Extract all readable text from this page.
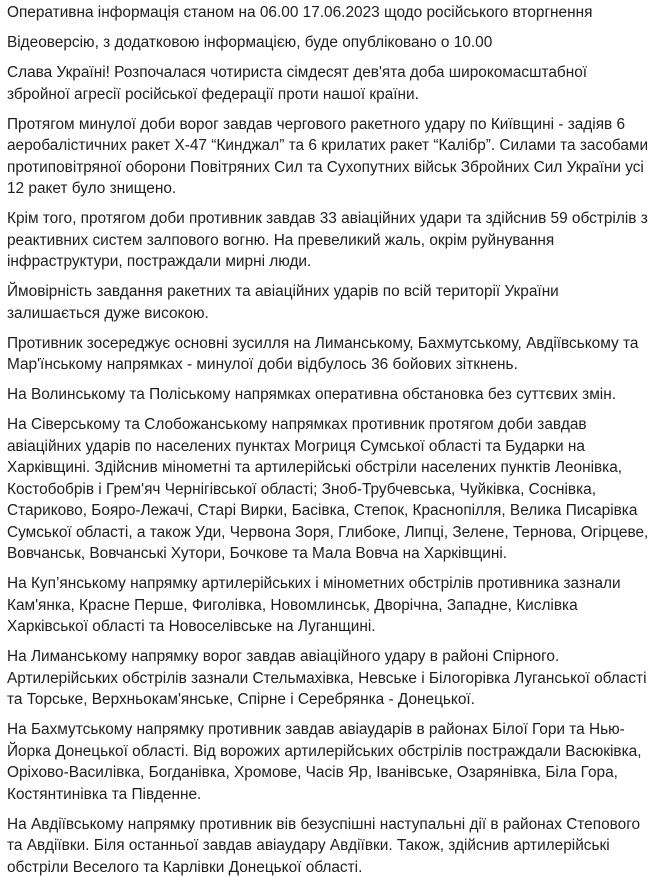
Оперативна інформація станом на 06.00 17.06.2023 щодо російського вторгнення

Відеоверсію, з додатковою інформацією, буде опубліковано о 10.00

Слава Україні! Розпочалася чотириста сімдесят дев'ята доба широкомасштабної збройної агресії російської федерації проти нашої країни.

Протягом минулої доби ворог завдав чергового ракетного удару по Київщині - задіяв 6 аеробалістичних ракет Х-47 “Кинджал” та 6 крилатих ракет “Калібр”. Силами та засобами протиповітряної оборони Повітряних Сил та Сухопутних військ Збройних Сил України усі 12 ракет було знищено.

Крім того, протягом доби противник завдав 33 авіаційних удари та здійснив 59 обстрілів з реактивних систем залпового вогню. На превеликий жаль, окрім руйнування інфраструктури, постраждали мирні люди.

Ймовірність завдання ракетних та авіаційних ударів по всій території України залишається дуже високою.

Противник зосереджує основні зусилля на Лиманському, Бахмутському, Авдіївському та Мар'їнському напрямках - минулої доби відбулось 36 бойових зіткнень.

На Волинському та Поліському напрямках оперативна обстановка без суттєвих змін.

На Сіверському та Слобожанському напрямках противник протягом доби завдав авіаційних ударів по населених пунктах Могриця Сумської області та Бударки на Харківщині. Здійснив мінометні та артилерійські обстріли населених пунктів Леонівка, Костобобрів і Грем'яч Чернігівської області; Зноб-Трубчевська, Чуйківка, Соснівка, Стариково, Бояро-Лежачі, Старі Вирки, Басівка, Степок, Краснопілля, Велика Писарівка Сумської області, а також Уди, Червона Зоря, Глибоке, Липці, Зелене, Тернова, Огірцеве, Вовчанськ, Вовчанські Хутори, Бочкове та Мала Вовча на Харківщині.

На Куп’янському напрямку артилерійських і мінометних обстрілів противника зазнали Кам'янка, Красне Перше, Фиголівка, Новомлинськ, Дворічна, Западне, Кислівка Харківської області та Новоселівське на Луганщині.

На Лиманському напрямку ворог завдав авіаційного удару в районі Спірного. Артилерійських обстрілів зазнали Стельмахівка, Невське і Білогорівка Луганської області та Торське, Верхньокам'янське, Спірне і Серебрянка - Донецької.

На Бахмутському напрямку противник завдав авіаударів в районах Білої Гори та Нью-Йорка Донецької області. Від ворожих артилерійських обстрілів постраждали Васюківка, Оріхово-Василівка, Богданівка, Хромове, Часів Яр, Іванівське, Озарянівка, Біла Гора, Костянтинівка та Південне.

На Авдіївському напрямку противник вів безуспішні наступальні дії в районах Степового та Авдіївки. Біля останньої завдав авіаудару Авдіївки. Також, здійснив артилерійські обстріли Веселого та Карлівки Донецької області.
